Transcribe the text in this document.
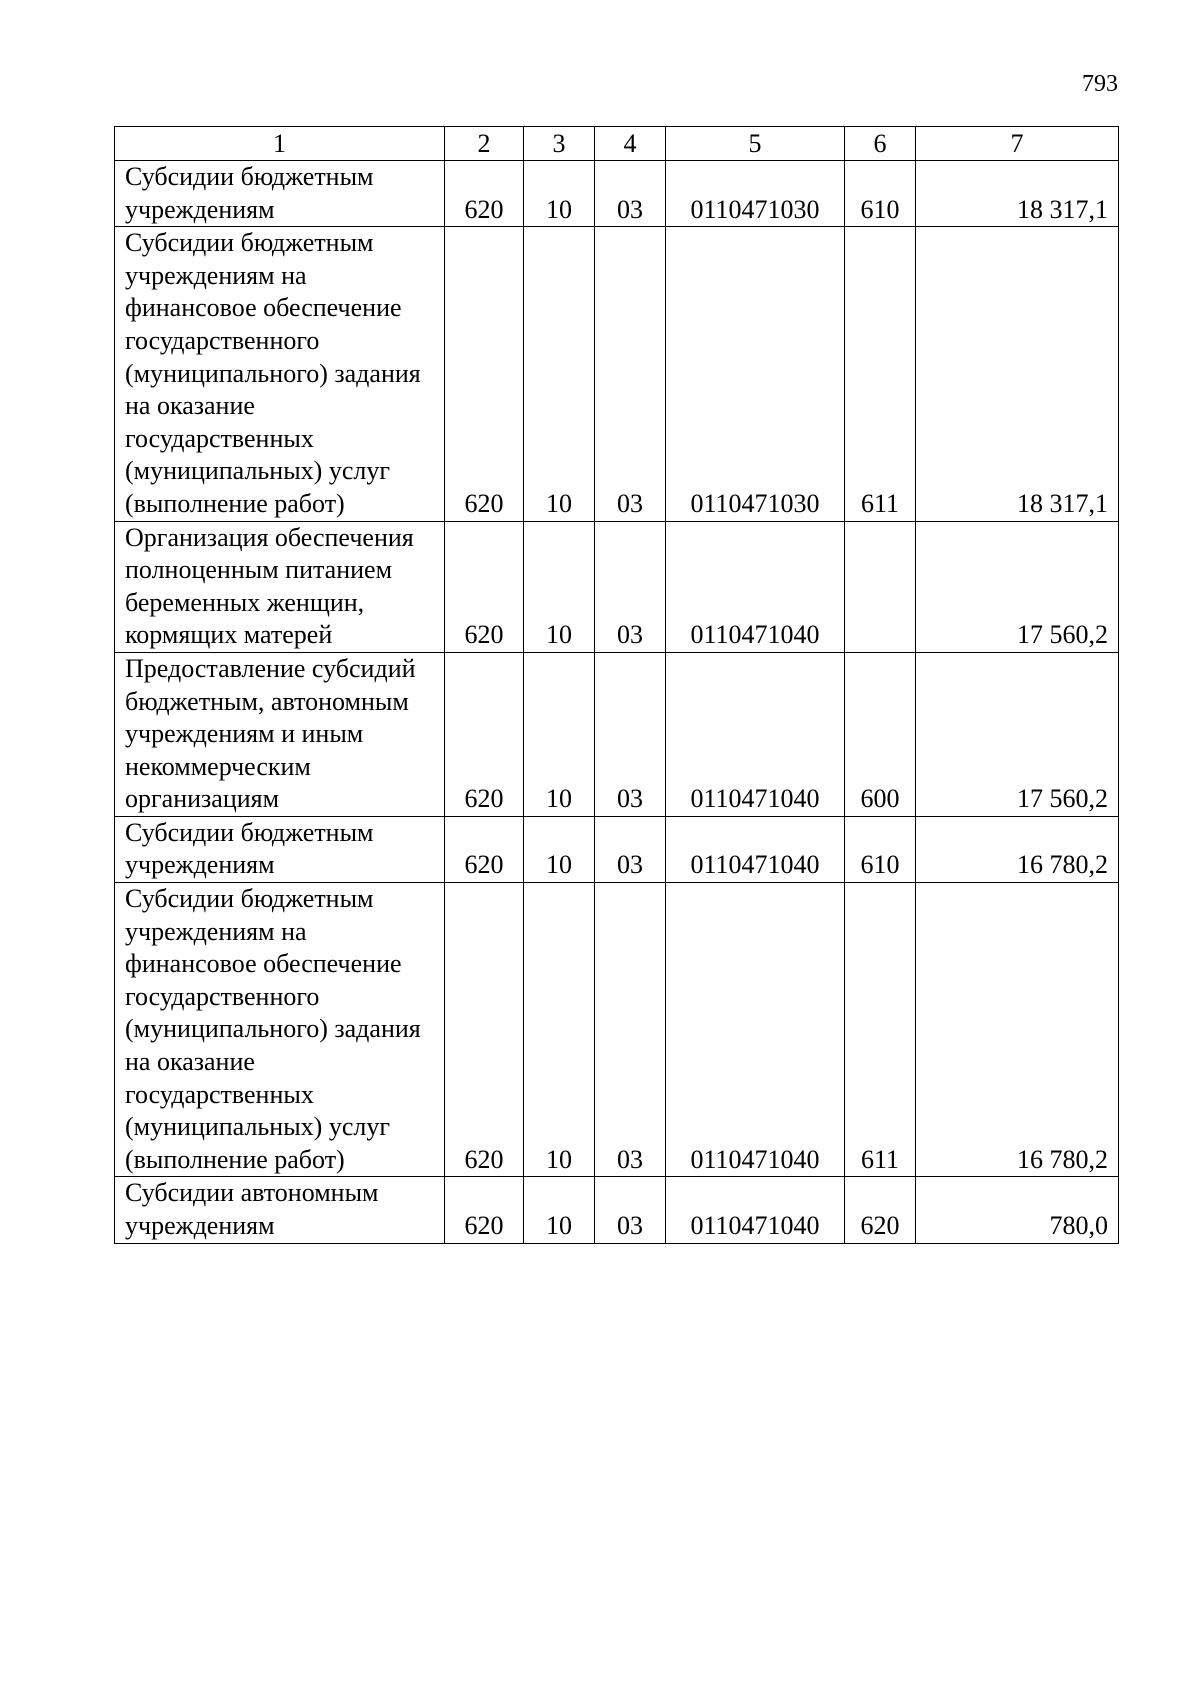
793
1	2	3	4	5	6	7
Субсидии бюджетным учреждениям	620	10	03	0110471030	610	18 317,1
Субсидии бюджетным учреждениям на финансовое обеспечение государственного (муниципального) задания на оказание государственных (муниципальных) услуг (выполнение работ)	620	10	03	0110471030	611	18 317,1
Организация обеспечения полноценным питанием беременных женщин, кормящих матерей	620	10	03	0110471040		17 560,2
Предоставление субсидий бюджетным, автономным учреждениям и иным некоммерческим организациям	620	10	03	0110471040	600	17 560,2
Субсидии бюджетным учреждениям	620	10	03	0110471040	610	16 780,2
Субсидии бюджетным учреждениям на финансовое обеспечение государственного (муниципального) задания на оказание государственных (муниципальных) услуг (выполнение работ)	620	10	03	0110471040	611	16 780,2
Субсидии автономным учреждениям	620	10	03	0110471040	620	780,0
